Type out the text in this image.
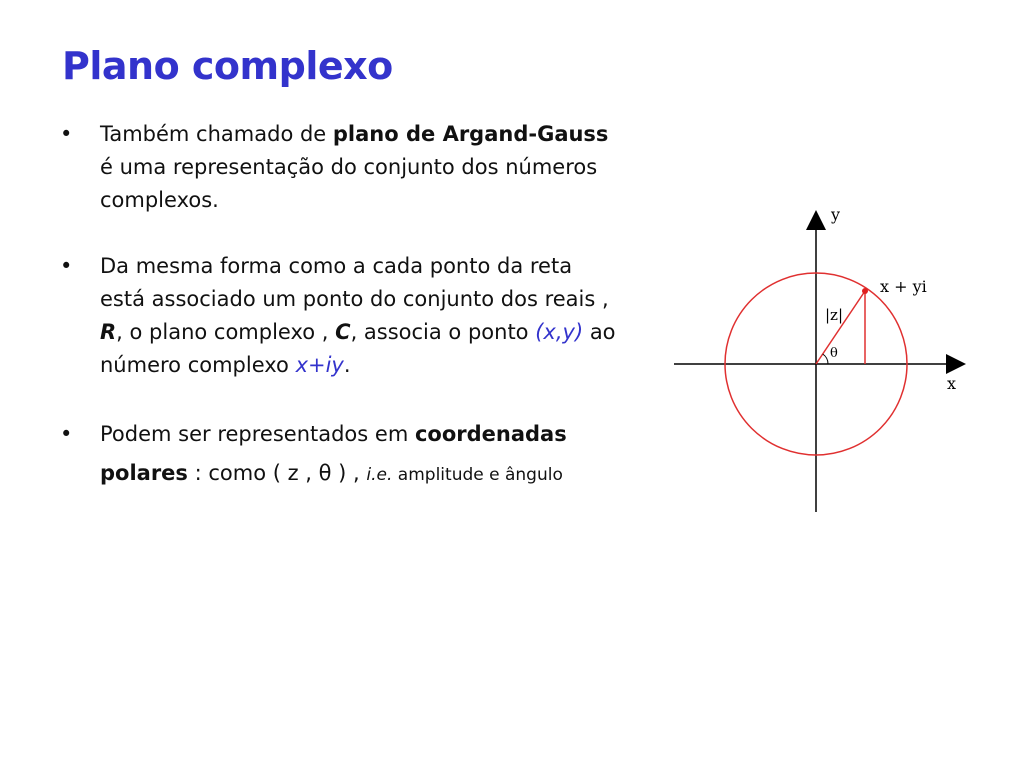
Plano complexo
• Também chamado de plano de Argand-Gauss é uma representação do conjunto dos números complexos.
• Da mesma forma como a cada ponto da reta está associado um ponto do conjunto dos reais , R, o plano complexo , C, associa o ponto (x,y) ao número complexo x+iy.
• Podem ser representados em coordenadas polares : como ( z , θ ) , i.e. amplitude e ângulo
y
x
x + yi
|z|
θ
